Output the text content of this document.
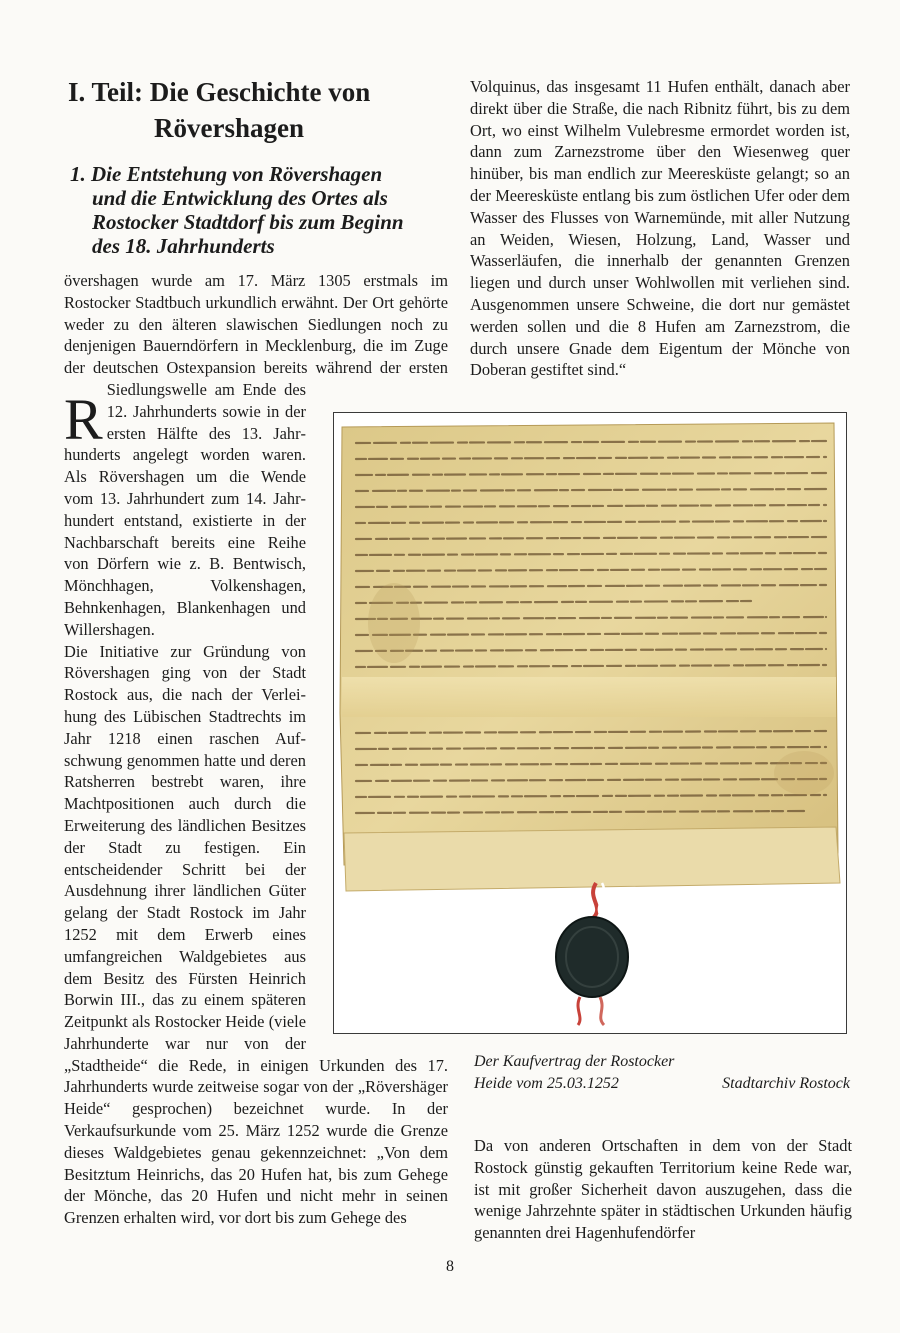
I. Teil: Die Geschichte von
Rövershagen
1. Die Entstehung von Rövershagen
und die Entwicklung des Ortes als
Rostocker Stadtdorf bis zum Beginn
des 18. Jahrhunderts

R
övershagen wurde am 17. März 1305 erstmals im Rostocker Stadtbuch urkundlich erwähnt. Der Ort gehörte weder zu den älteren slawischen Siedlungen noch zu denjenigen Bauerndörfern in Mecklenburg, die im Zuge der deutschen Ostexpansion bereits während der ersten Siedlungswelle am Ende des 12. Jahrhunderts sowie in der ersten Hälfte des 13. Jahrhunderts angelegt worden waren. Als Rövershagen um die Wende vom 13. Jahrhundert zum 14. Jahrhundert entstand, existierte in der Nachbarschaft bereits eine Reihe von Dörfern wie z. B. Bentwisch, Mönchhagen, Volkenshagen, Behnkenhagen, Blankenhagen und Willershagen.

Die Initiative zur Gründung von Rövershagen ging von der Stadt Rostock aus, die nach der Verleihung des Lübischen Stadtrechts im Jahr 1218 einen raschen Aufschwung genommen hatte und deren Ratsherren bestrebt waren, ihre Machtpositionen auch durch die Erweiterung des ländlichen Besitzes der Stadt zu festigen. Ein entscheidender Schritt bei der Ausdehnung ihrer ländlichen Güter gelang der Stadt Rostock im Jahr 1252 mit dem Erwerb eines umfangreichen Waldgebietes aus dem Besitz des Fürsten Heinrich Borwin III., das zu einem späteren Zeitpunkt als Rostocker Heide (viele Jahrhunderte war nur von der „Stadtheide“ die Rede, in einigen Urkunden des 17. Jahrhunderts wurde zeitweise sogar von der „Rövershäger Heide“ gesprochen) bezeichnet wurde. In der Verkaufsurkunde vom 25. März 1252 wurde die Grenze dieses Waldgebietes genau gekennzeichnet: „Von dem Besitztum Heinrichs, das 20 Hufen hat, bis zum Gehege der Mönche, das 20 Hufen und nicht mehr in seinen Grenzen erhalten wird, vor dort bis zum Gehege des

Volquinus, das insgesamt 11 Hufen enthält, danach aber direkt über die Straße, die nach Ribnitz führt, bis zu dem Ort, wo einst Wilhelm Vulebresme ermordet worden ist, dann zum Zarnezstrome über den Wiesenweg quer hinüber, bis man endlich zur Meeresküste gelangt; so an der Meeresküste entlang bis zum östlichen Ufer oder dem Wasser des Flusses von Warnemünde, mit aller Nutzung an Weiden, Wiesen, Holzung, Land, Wasser und Wasserläufen, die innerhalb der genannten Grenzen liegen und durch unser Wohlwollen mit verliehen sind. Ausgenommen unsere Schweine, die dort nur gemästet werden sollen und die 8 Hufen am Zarnezstrom, die durch unsere Gnade dem Eigentum der Mönche von Doberan gestiftet sind.“
Der Kaufvertrag der Rostocker
Heide vom 25.03.1252	Stadtarchiv Rostock
Da von anderen Ortschaften in dem von der Stadt Rostock günstig gekauften Territorium keine Rede war, ist mit großer Sicherheit davon auszugehen, dass die wenige Jahrzehnte später in städtischen Urkunden häufig genannten drei Hagenhufendörfer
8
